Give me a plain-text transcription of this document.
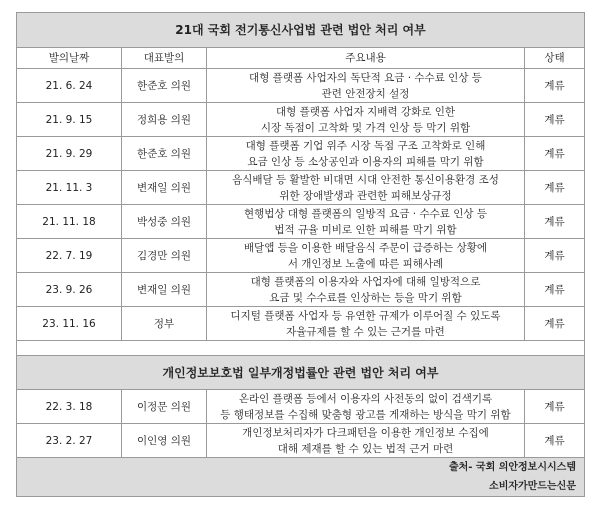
21대 국회 전기통신사업법 관련 법안 처리 여부			
발의날짜	대표발의	주요내용	상태
21. 6. 24	한준호 의원	대형 플랫폼 사업자의 독단적 요금 · 수수료 인상 등
관련 안전장치 설정	계류
21. 9. 15	정희용 의원	대형 플랫폼 사업자 지배력 강화로 인한
시장 독점이 고착화 및 가격 인상 등 막기 위함	계류
21. 9. 29	한준호 의원	대형 플랫폼 기업 위주 시장 독점 구조 고착화로 인해
요금 인상 등 소상공인과 이용자의 피해를 막기 위함	계류
21. 11. 3	변재일 의원	음식배달 등 활발한 비대면 시대 안전한 통신이용환경 조성
위한 장애발생과 관련한 피해보상규정	계류
21. 11. 18	박성중 의원	현행법상 대형 플랫폼의 일방적 요금 · 수수료 인상 등
법적 규율 미비로 인한 피해를 막기 위함	계류
22. 7. 19	김경만 의원	배달앱 등을 이용한 배달음식 주문이 급증하는 상황에
서 개인정보 노출에 따른 피해사례	계류
23. 9. 26	변재일 의원	대형 플랫폼의 이용자와 사업자에 대해 일방적으로
요금 및 수수료를 인상하는 등을 막기 위함	계류
23. 11. 16	정부	디지털 플랫폼 사업자 등 유연한 규제가 이루어질 수 있도록
자율규제를 할 수 있는 근거를 마련	계류

개인정보보호법 일부개정법률안 관련 법안 처리 여부			
22. 3. 18	이정문 의원	온라인 플랫폼 등에서 이용자의 사전동의 없이 검색기록
등 행태정보를 수집해 맞춤형 광고를 게재하는 방식을 막기 위함	계류
23. 2. 27	이인영 의원	개인정보처리자가 다크패턴을 이용한 개인정보 수집에
대해 제재를 할 수 있는 법적 근거 마련	계류
출처- 국회 의안정보시시스템			
소비자가만드는신문			
